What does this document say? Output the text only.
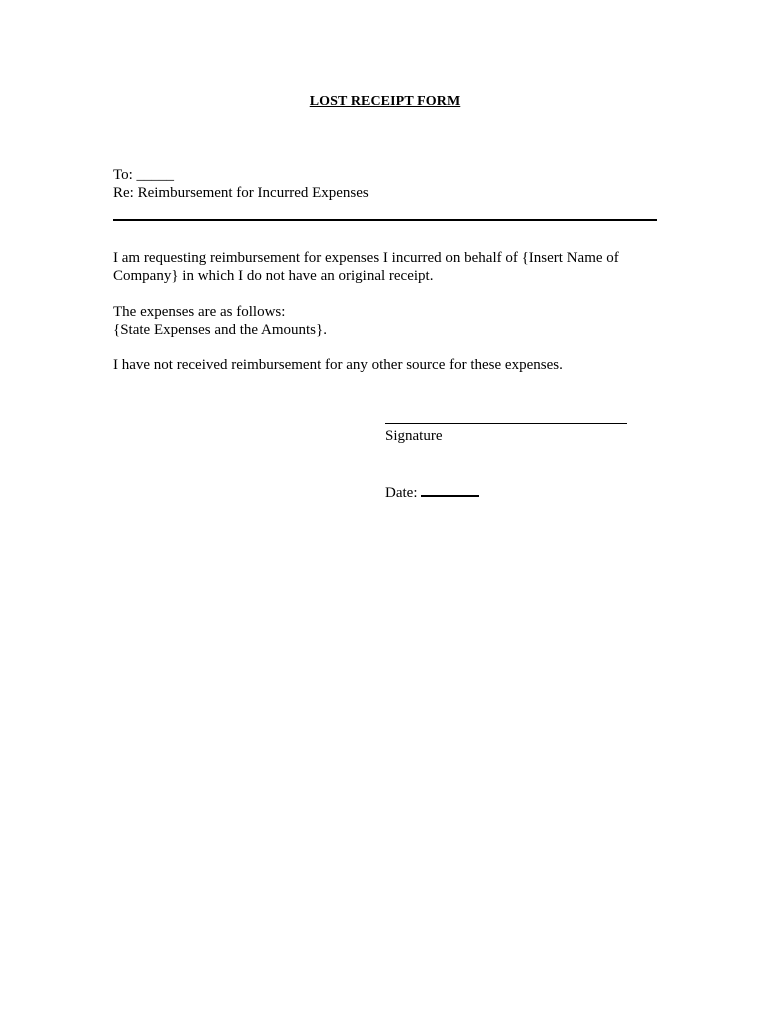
LOST RECEIPT FORM
To: _____
Re: Reimbursement for Incurred Expenses
I am requesting reimbursement for expenses I incurred on behalf of {Insert Name of
Company} in which I do not have an original receipt.
The expenses are as follows:
{State Expenses and the Amounts}.
I have not received reimbursement for any other source for these expenses.
Signature
Date:
